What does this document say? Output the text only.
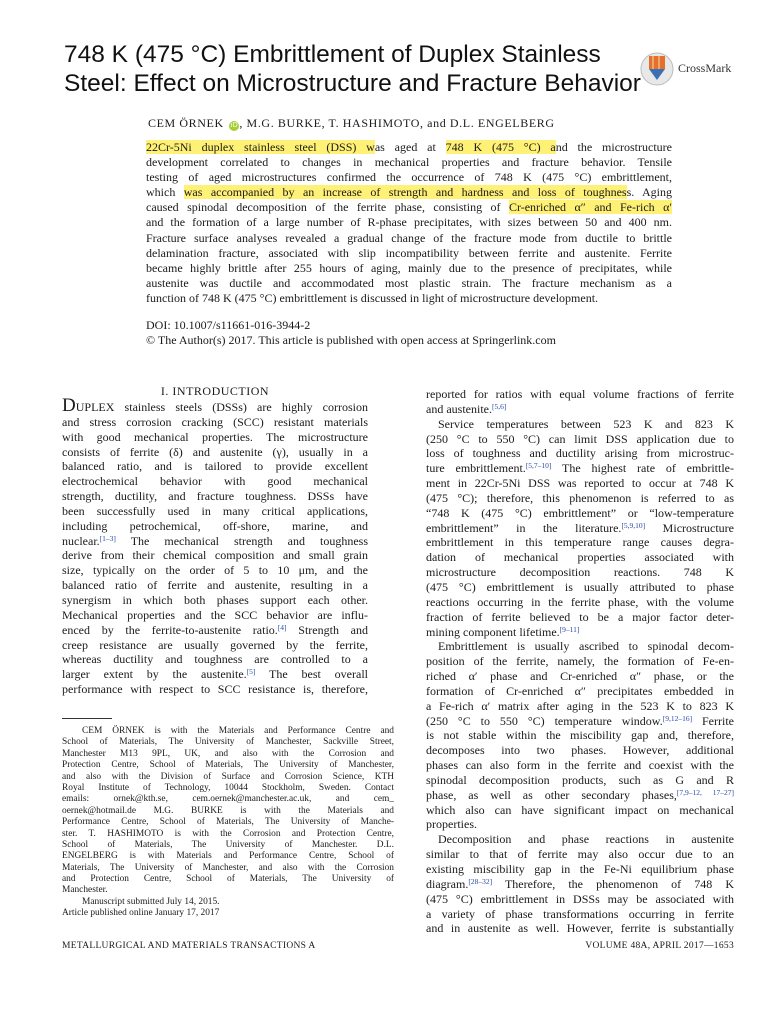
748 K (475 °C) Embrittlement of Duplex Stainless
Steel: Effect on Microstructure and Fracture Behavior
CrossMark
CEM ÖRNEK iD, M.G. BURKE, T. HASHIMOTO, and D.L. ENGELBERG
22Cr-5Ni duplex stainless steel (DSS) was aged at 748 K (475 °C) and the microstructure
development correlated to changes in mechanical properties and fracture behavior. Tensile
testing of aged microstructures confirmed the occurrence of 748 K (475 °C) embrittlement,
which was accompanied by an increase of strength and hardness and loss of toughness. Aging
caused spinodal decomposition of the ferrite phase, consisting of Cr-enriched α″ and Fe-rich α′
and the formation of a large number of R-phase precipitates, with sizes between 50 and 400 nm.
Fracture surface analyses revealed a gradual change of the fracture mode from ductile to brittle
delamination fracture, associated with slip incompatibility between ferrite and austenite. Ferrite
became highly brittle after 255 hours of aging, mainly due to the presence of precipitates, while
austenite was ductile and accommodated most plastic strain. The fracture mechanism as a
function of 748 K (475 °C) embrittlement is discussed in light of microstructure development.
DOI: 10.1007/s11661-016-3944-2
© The Author(s) 2017. This article is published with open access at Springerlink.com
I. INTRODUCTION
DUPLEX stainless steels (DSSs) are highly corrosion
and stress corrosion cracking (SCC) resistant materials
with good mechanical properties. The microstructure
consists of ferrite (δ) and austenite (γ), usually in a
balanced ratio, and is tailored to provide excellent
electrochemical behavior with good mechanical
strength, ductility, and fracture toughness. DSSs have
been successfully used in many critical applications,
including petrochemical, off-shore, marine, and
nuclear.[1–3] The mechanical strength and toughness
derive from their chemical composition and small grain
size, typically on the order of 5 to 10 μm, and the
balanced ratio of ferrite and austenite, resulting in a
synergism in which both phases support each other.
Mechanical properties and the SCC behavior are influ-
enced by the ferrite-to-austenite ratio.[4] Strength and
creep resistance are usually governed by the ferrite,
whereas ductility and toughness are controlled to a
larger extent by the austenite.[5] The best overall
performance with respect to SCC resistance is, therefore,
CEM ÖRNEK is with the Materials and Performance Centre and
School of Materials, The University of Manchester, Sackville Street,
Manchester M13 9PL, UK, and also with the Corrosion and
Protection Centre, School of Materials, The University of Manchester,
and also with the Division of Surface and Corrosion Science, KTH
Royal Institute of Technology, 10044 Stockholm, Sweden. Contact
emails: ornek@kth.se, cem.oernek@manchester.ac.uk, and cem_
oernek@hotmail.de M.G. BURKE is with the Materials and
Performance Centre, School of Materials, The University of Manche-
ster. T. HASHIMOTO is with the Corrosion and Protection Centre,
School of Materials, The University of Manchester. D.L.
ENGELBERG is with Materials and Performance Centre, School of
Materials, The University of Manchester, and also with the Corrosion
and Protection Centre, School of Materials, The University of
Manchester.
Manuscript submitted July 14, 2015.
Article published online January 17, 2017
reported for ratios with equal volume fractions of ferrite
and austenite.[5,6]
Service temperatures between 523 K and 823 K
(250 °C to 550 °C) can limit DSS application due to
loss of toughness and ductility arising from microstruc-
ture embrittlement.[5,7–10] The highest rate of embrittle-
ment in 22Cr-5Ni DSS was reported to occur at 748 K
(475 °C); therefore, this phenomenon is referred to as
“748 K (475 °C) embrittlement” or “low-temperature
embrittlement” in the literature.[5,9,10] Microstructure
embrittlement in this temperature range causes degra-
dation of mechanical properties associated with
microstructure decomposition reactions. 748 K
(475 °C) embrittlement is usually attributed to phase
reactions occurring in the ferrite phase, with the volume
fraction of ferrite believed to be a major factor deter-
mining component lifetime.[9–11]
Embrittlement is usually ascribed to spinodal decom-
position of the ferrite, namely, the formation of Fe-en-
riched α′ phase and Cr-enriched α″ phase, or the
formation of Cr-enriched α″ precipitates embedded in
a Fe-rich α′ matrix after aging in the 523 K to 823 K
(250 °C to 550 °C) temperature window.[9,12–16] Ferrite
is not stable within the miscibility gap and, therefore,
decomposes into two phases. However, additional
phases can also form in the ferrite and coexist with the
spinodal decomposition products, such as G and R
phase, as well as other secondary phases,[7,9–12, 17–27]
which also can have significant impact on mechanical
properties.
Decomposition and phase reactions in austenite
similar to that of ferrite may also occur due to an
existing miscibility gap in the Fe-Ni equilibrium phase
diagram.[28–32] Therefore, the phenomenon of 748 K
(475 °C) embrittlement in DSSs may be associated with
a variety of phase transformations occurring in ferrite
and in austenite as well. However, ferrite is substantially
METALLURGICAL AND MATERIALS TRANSACTIONS A	VOLUME 48A, APRIL 2017—1653
